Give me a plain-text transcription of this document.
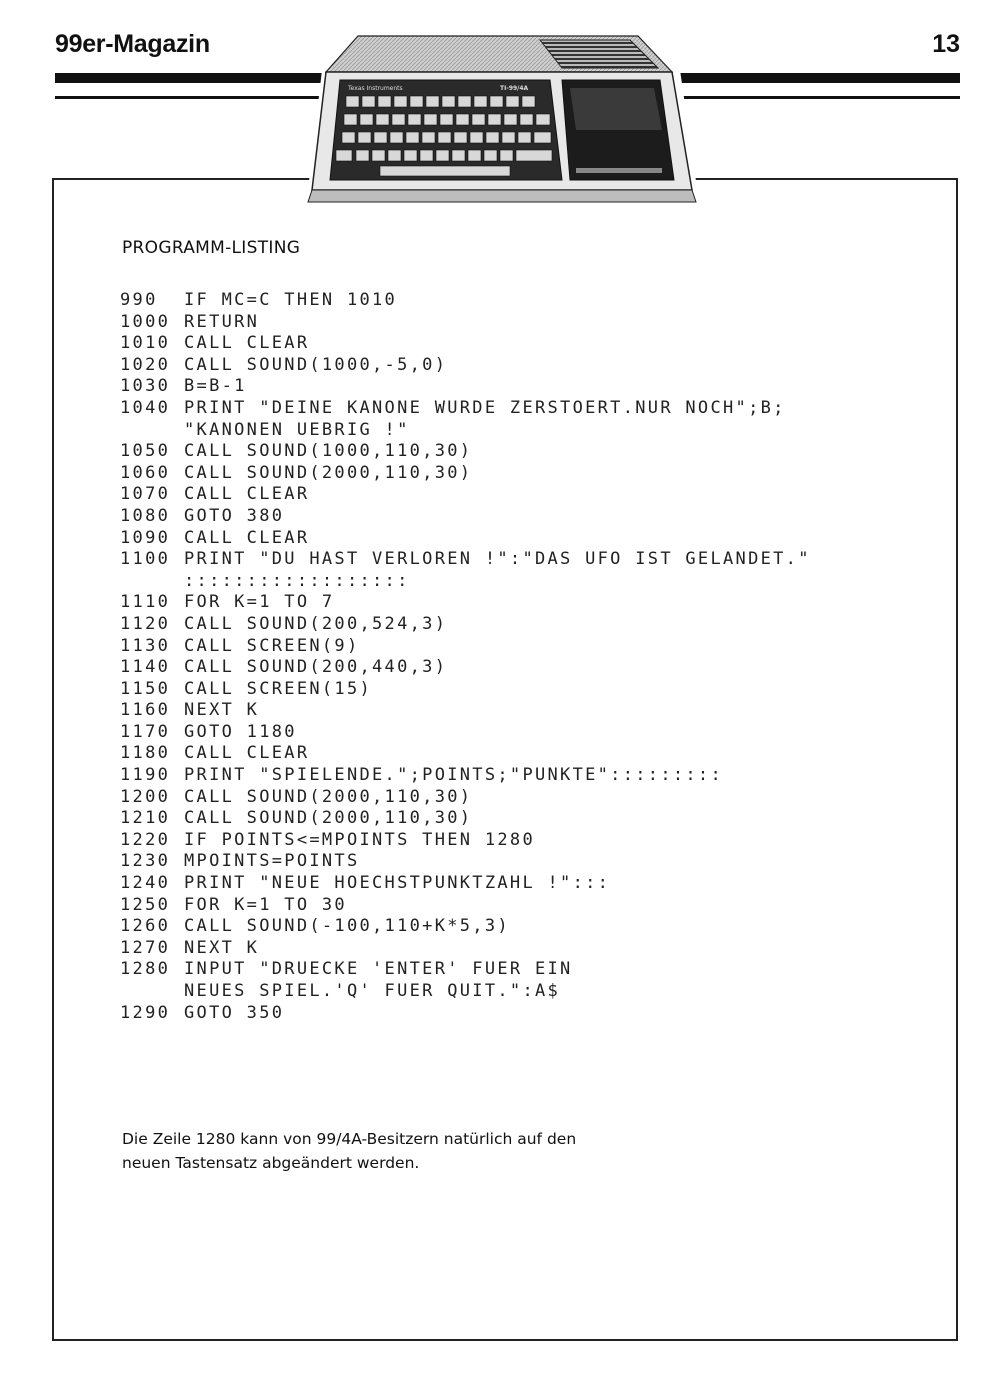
99er-Magazin	13
Texas Instruments	TI-99/4A
PROGRAMM-LISTING
990	IF MC=C THEN 1010
1000 RETURN
1010 CALL CLEAR
1020 CALL SOUND(1000,-5,0)
1030 B=B-1
1040 PRINT "DEINE KANONE WURDE ZERSTOERT.NUR NOCH";B;
"KANONEN UEBRIG !"
1050 CALL SOUND(1000,110,30)
1060 CALL SOUND(2000,110,30)
1070 CALL CLEAR
1080 GOTO 380
1090 CALL CLEAR
1100 PRINT "DU HAST VERLOREN !":"DAS UFO IST GELANDET."
::::::::::::::::::
1110 FOR K=1 TO 7
1120 CALL SOUND(200,524,3)
1130 CALL SCREEN(9)
1140 CALL SOUND(200,440,3)
1150 CALL SCREEN(15)
1160 NEXT K
1170 GOTO 1180
1180 CALL CLEAR
1190 PRINT "SPIELENDE.";POINTS;"PUNKTE":::::::::
1200 CALL SOUND(2000,110,30)
1210 CALL SOUND(2000,110,30)
1220 IF POINTS<=MPOINTS THEN 1280
1230 MPOINTS=POINTS
1240 PRINT "NEUE HOECHSTPUNKTZAHL !":::
1250 FOR K=1 TO 30
1260 CALL SOUND(-100,110+K*5,3)
1270 NEXT K
1280 INPUT "DRUECKE 'ENTER' FUER EIN
NEUES SPIEL.'Q' FUER QUIT.":A$
1290 GOTO 350
Die Zeile 1280 kann von 99/4A-Besitzern natürlich auf den
neuen Tastensatz abgeändert werden.
